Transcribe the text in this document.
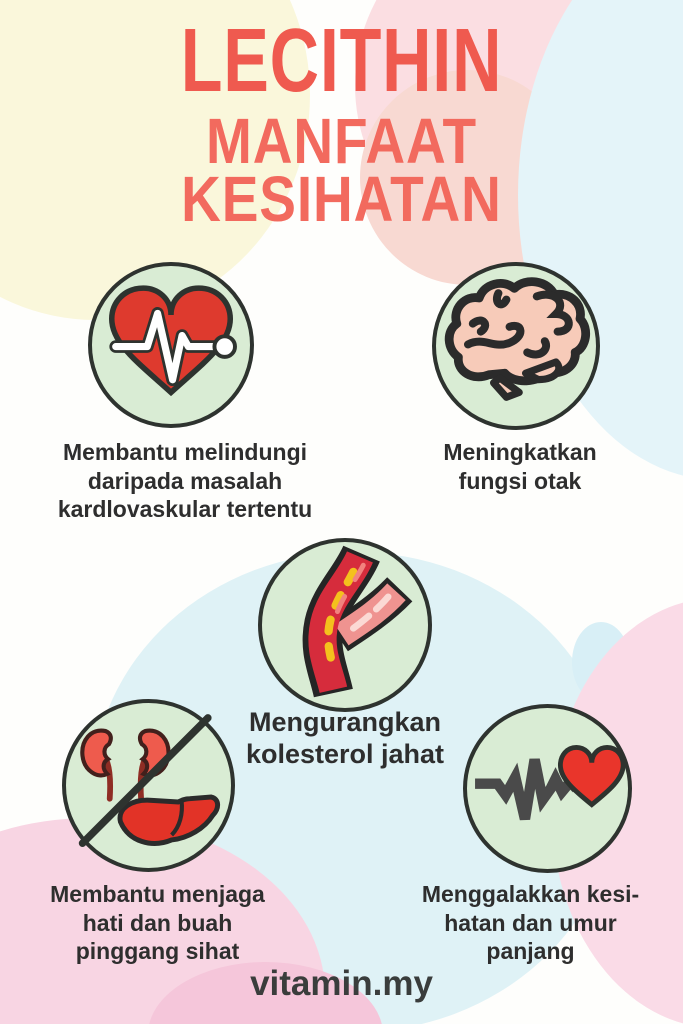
LECITHIN
MANFAAT
KESIHATAN
Membantu melindungi
daripada masalah
kardlovaskular tertentu
Meningkatkan
fungsi otak
Mengurangkan
kolesterol jahat
Membantu menjaga
hati dan buah
pinggang sihat
Menggalakkan kesi-
hatan dan umur
panjang
vitamin.my
